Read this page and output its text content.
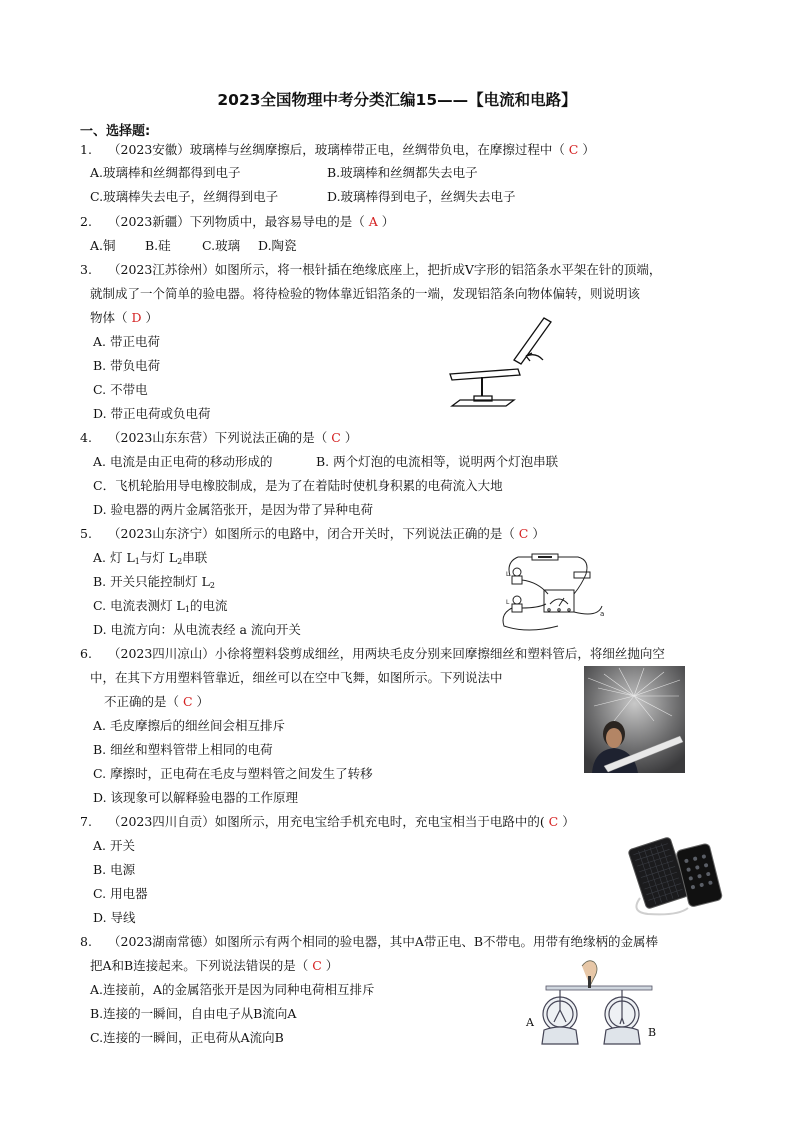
2023全国物理中考分类汇编15——【电流和电路】
一、选择题:
1. （2023安徽）玻璃棒与丝绸摩擦后，玻璃棒带正电，丝绸带负电，在摩擦过程中（ C ）
A.玻璃棒和丝绸都得到电子	B.玻璃棒和丝绸都失去电子
C.玻璃棒失去电子，丝绸得到电子	D.玻璃棒得到电子，丝绸失去电子
2. （2023新疆）下列物质中，最容易导电的是（ A ）
A.铜 B.硅	C.玻璃 D.陶瓷
3. （2023江苏徐州）如图所示，将一根针插在绝缘底座上，把折成V字形的铝箔条水平架在针的顶端，
就制成了一个简单的验电器。将待检验的物体靠近铝箔条的一端，发现铝箔条向物体偏转，则说明该
物体（ D ）
A. 带正电荷
B. 带负电荷
C. 不带电
D. 带正电荷或负电荷
4. （2023山东东营）下列说法正确的是（ C ）
A. 电流是由正电荷的移动形成的	B. 两个灯泡的电流相等，说明两个灯泡串联
C．飞机轮胎用导电橡胶制成，是为了在着陆时使机身积累的电荷流入大地
D. 验电器的两片金属箔张开，是因为带了异种电荷
5. （2023山东济宁）如图所示的电路中，闭合开关时，下列说法正确的是（ C ）
A. 灯 $L_1$与灯 $L_2$串联
B. 开关只能控制灯 $L_2$
C. 电流表测灯 $L_1$的电流
D. 电流方向：从电流表经 a 流向开关
L
L
a
6. （2023四川凉山）小徐将塑料袋剪成细丝，用两块毛皮分别来回摩擦细丝和塑料管后，将细丝抛向空
中，在其下方用塑料管靠近，细丝可以在空中飞舞，如图所示。下列说法中
不正确的是（ C ）
A. 毛皮摩擦后的细丝间会相互排斥
B. 细丝和塑料管带上相同的电荷
C. 摩擦时，正电荷在毛皮与塑料管之间发生了转移
D. 该现象可以解释验电器的工作原理
7. （2023四川自贡）如图所示，用充电宝给手机充电时，充电宝相当于电路中的( C ）
A. 开关
B. 电源
C. 用电器
D. 导线
8. （2023湖南常德）如图所示有两个相同的验电器，其中A带正电、B不带电。用带有绝缘柄的金属棒
把A和B连接起来。下列说法错误的是（ C ）
A.连接前，A的金属箔张开是因为同种电荷相互排斥
B.连接的一瞬间，自由电子从B流向A
C.连接的一瞬间，正电荷从A流向B
A
B
